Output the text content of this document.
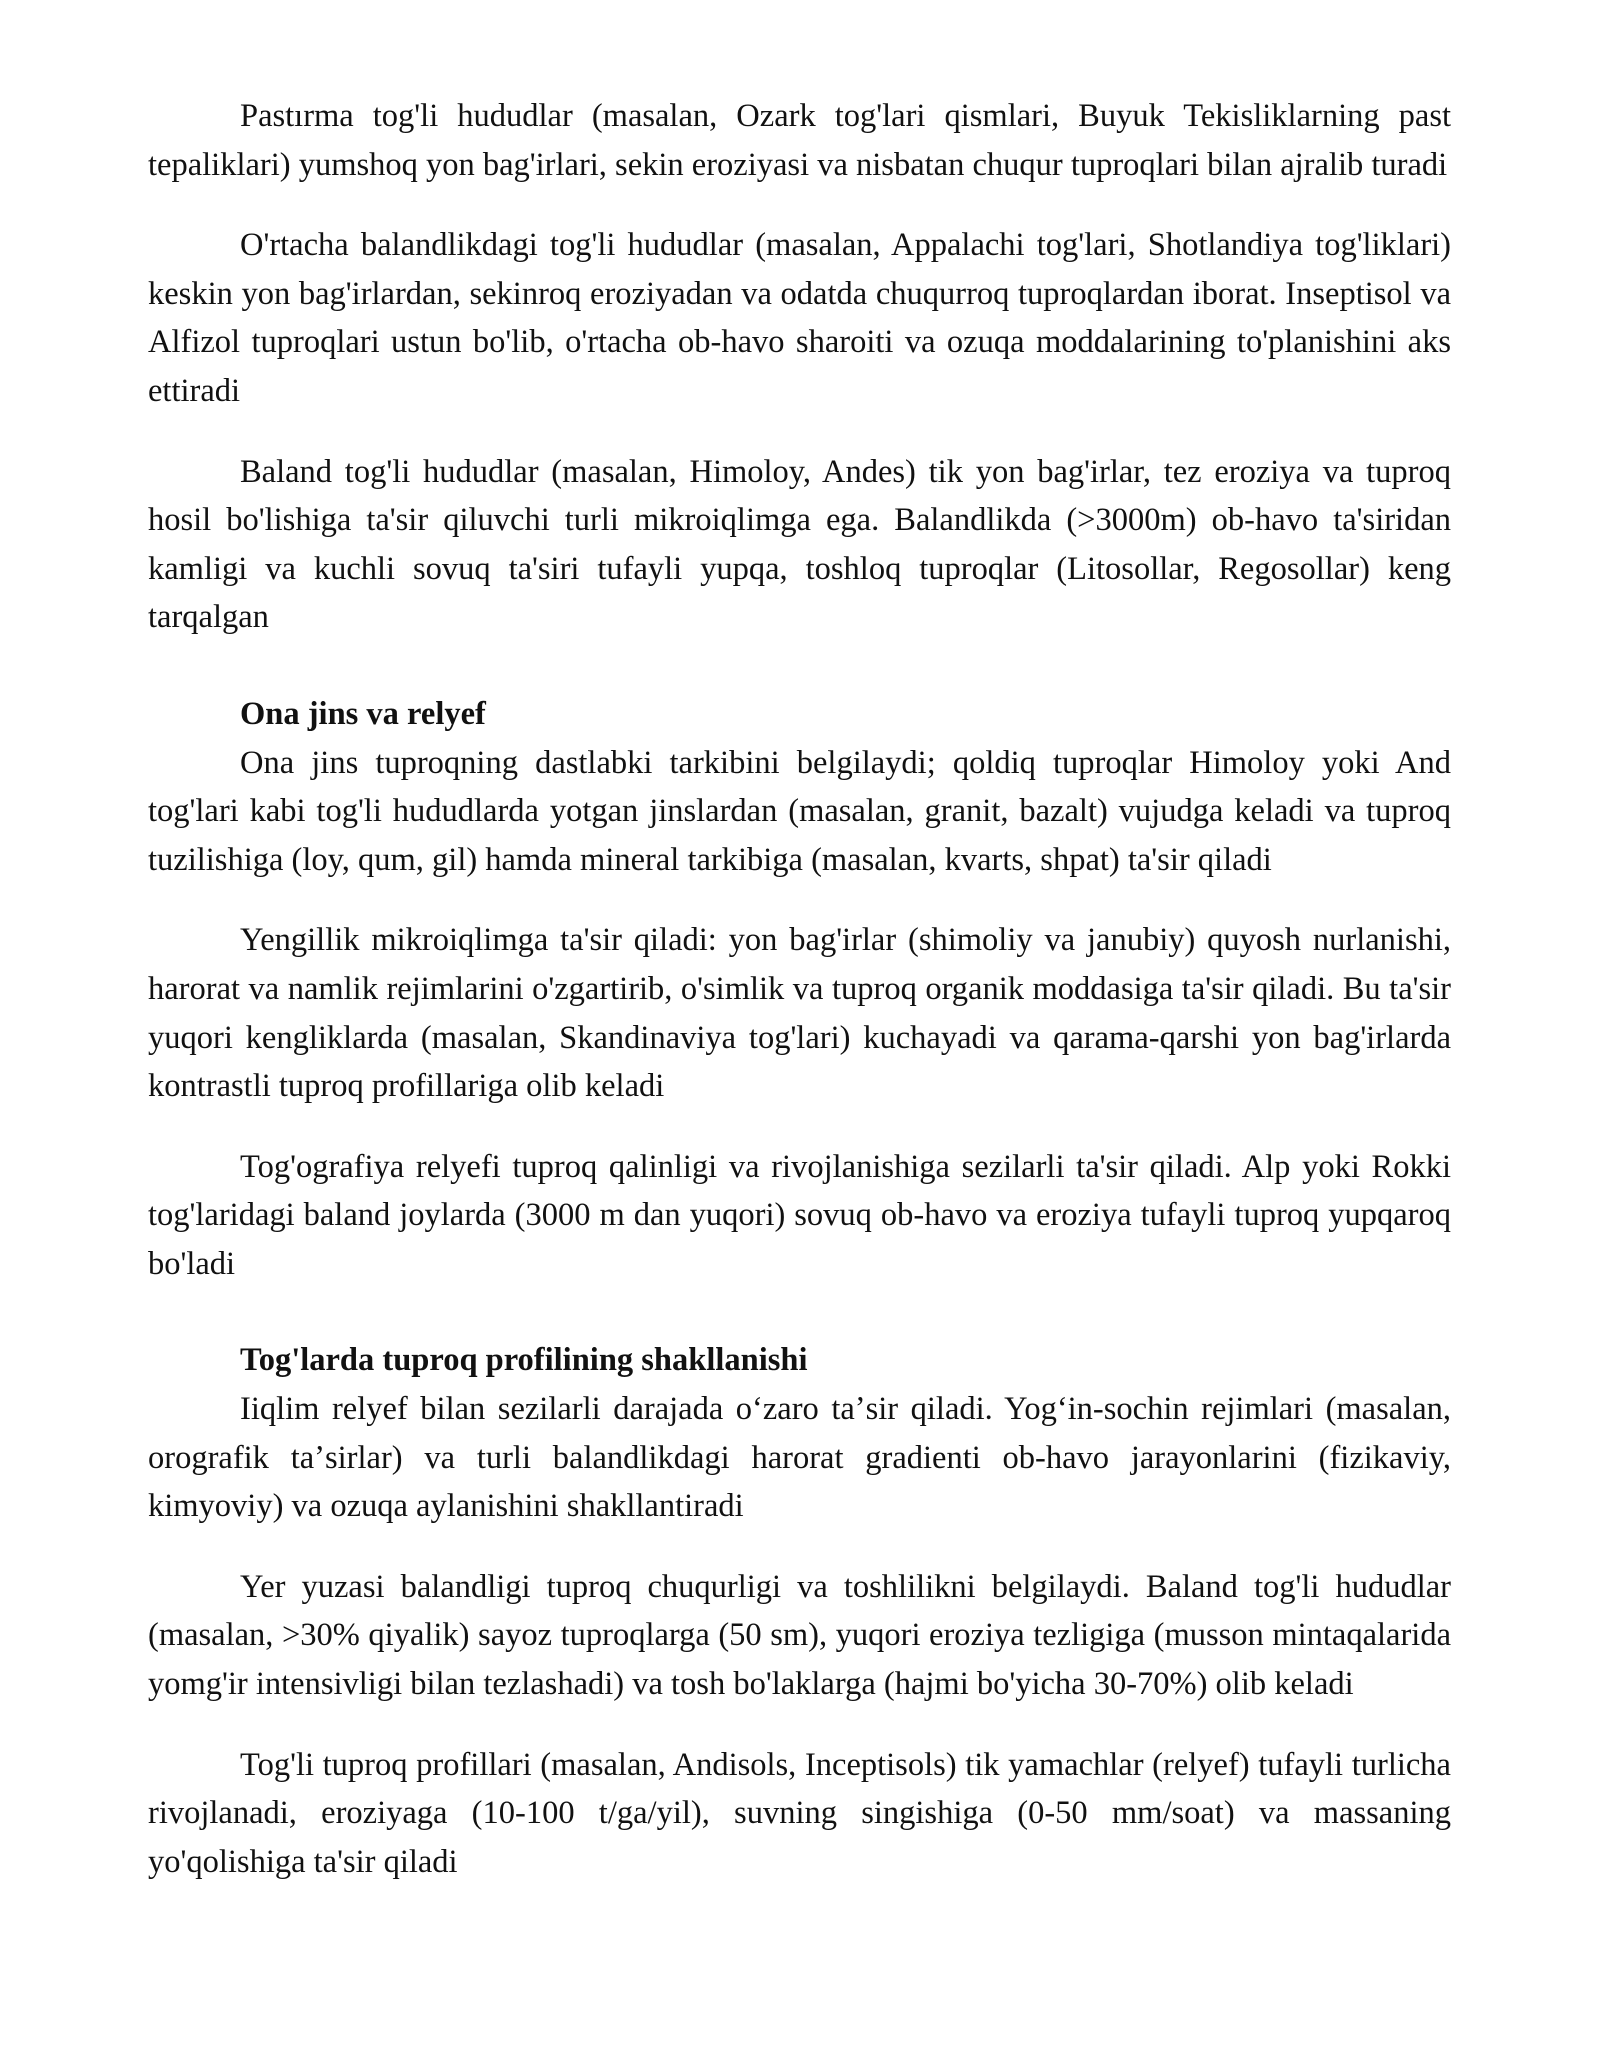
Pastırma tog'li hududlar (masalan, Ozark tog'lari qismlari, Buyuk Tekisliklarning past tepaliklari) yumshoq yon bag'irlari, sekin eroziyasi va nisbatan chuqur tuproqlari bilan ajralib turadi

O'rtacha balandlikdagi tog'li hududlar (masalan, Appalachi tog'lari, Shotlandiya tog'liklari) keskin yon bag'irlardan, sekinroq eroziyadan va odatda chuqurroq tuproqlardan iborat. Inseptisol va Alfizol tuproqlari ustun bo'lib, o'rtacha ob-havo sharoiti va ozuqa moddalarining to'planishini aks ettiradi

Baland tog'li hududlar (masalan, Himoloy, Andes) tik yon bag'irlar, tez eroziya va tuproq hosil bo'lishiga ta'sir qiluvchi turli mikroiqlimga ega. Balandlikda (>3000m) ob-havo ta'siridan kamligi va kuchli sovuq ta'siri tufayli yupqa, toshloq tuproqlar (Litosollar, Regosollar) keng tarqalgan

Ona jins va relyef

Ona jins tuproqning dastlabki tarkibini belgilaydi; qoldiq tuproqlar Himoloy yoki And tog'lari kabi tog'li hududlarda yotgan jinslardan (masalan, granit, bazalt) vujudga keladi va tuproq tuzilishiga (loy, qum, gil) hamda mineral tarkibiga (masalan, kvarts, shpat) ta'sir qiladi

Yengillik mikroiqlimga ta'sir qiladi: yon bag'irlar (shimoliy va janubiy) quyosh nurlanishi, harorat va namlik rejimlarini o'zgartirib, o'simlik va tuproq organik moddasiga ta'sir qiladi. Bu ta'sir yuqori kengliklarda (masalan, Skandinaviya tog'lari) kuchayadi va qarama-qarshi yon bag'irlarda kontrastli tuproq profillariga olib keladi

Tog'ografiya relyefi tuproq qalinligi va rivojlanishiga sezilarli ta'sir qiladi. Alp yoki Rokki tog'laridagi baland joylarda (3000 m dan yuqori) sovuq ob-havo va eroziya tufayli tuproq yupqaroq bo'ladi

Tog'larda tuproq profilining shakllanishi

Iiqlim relyef bilan sezilarli darajada oʻzaro taʼsir qiladi. Yogʻin-sochin rejimlari (masalan, orografik taʼsirlar) va turli balandlikdagi harorat gradienti ob-havo jarayonlarini (fizikaviy, kimyoviy) va ozuqa aylanishini shakllantiradi

Yer yuzasi balandligi tuproq chuqurligi va toshlilikni belgilaydi. Baland tog'li hududlar (masalan, >30% qiyalik) sayoz tuproqlarga (50 sm), yuqori eroziya tezligiga (musson mintaqalarida yomg'ir intensivligi bilan tezlashadi) va tosh bo'laklarga (hajmi bo'yicha 30-70%) olib keladi

Tog'li tuproq profillari (masalan, Andisols, Inceptisols) tik yamachlar (relyef) tufayli turlicha rivojlanadi, eroziyaga (10-100 t/ga/yil), suvning singishiga (0-50 mm/soat) va massaning yo'qolishiga ta'sir qiladi
